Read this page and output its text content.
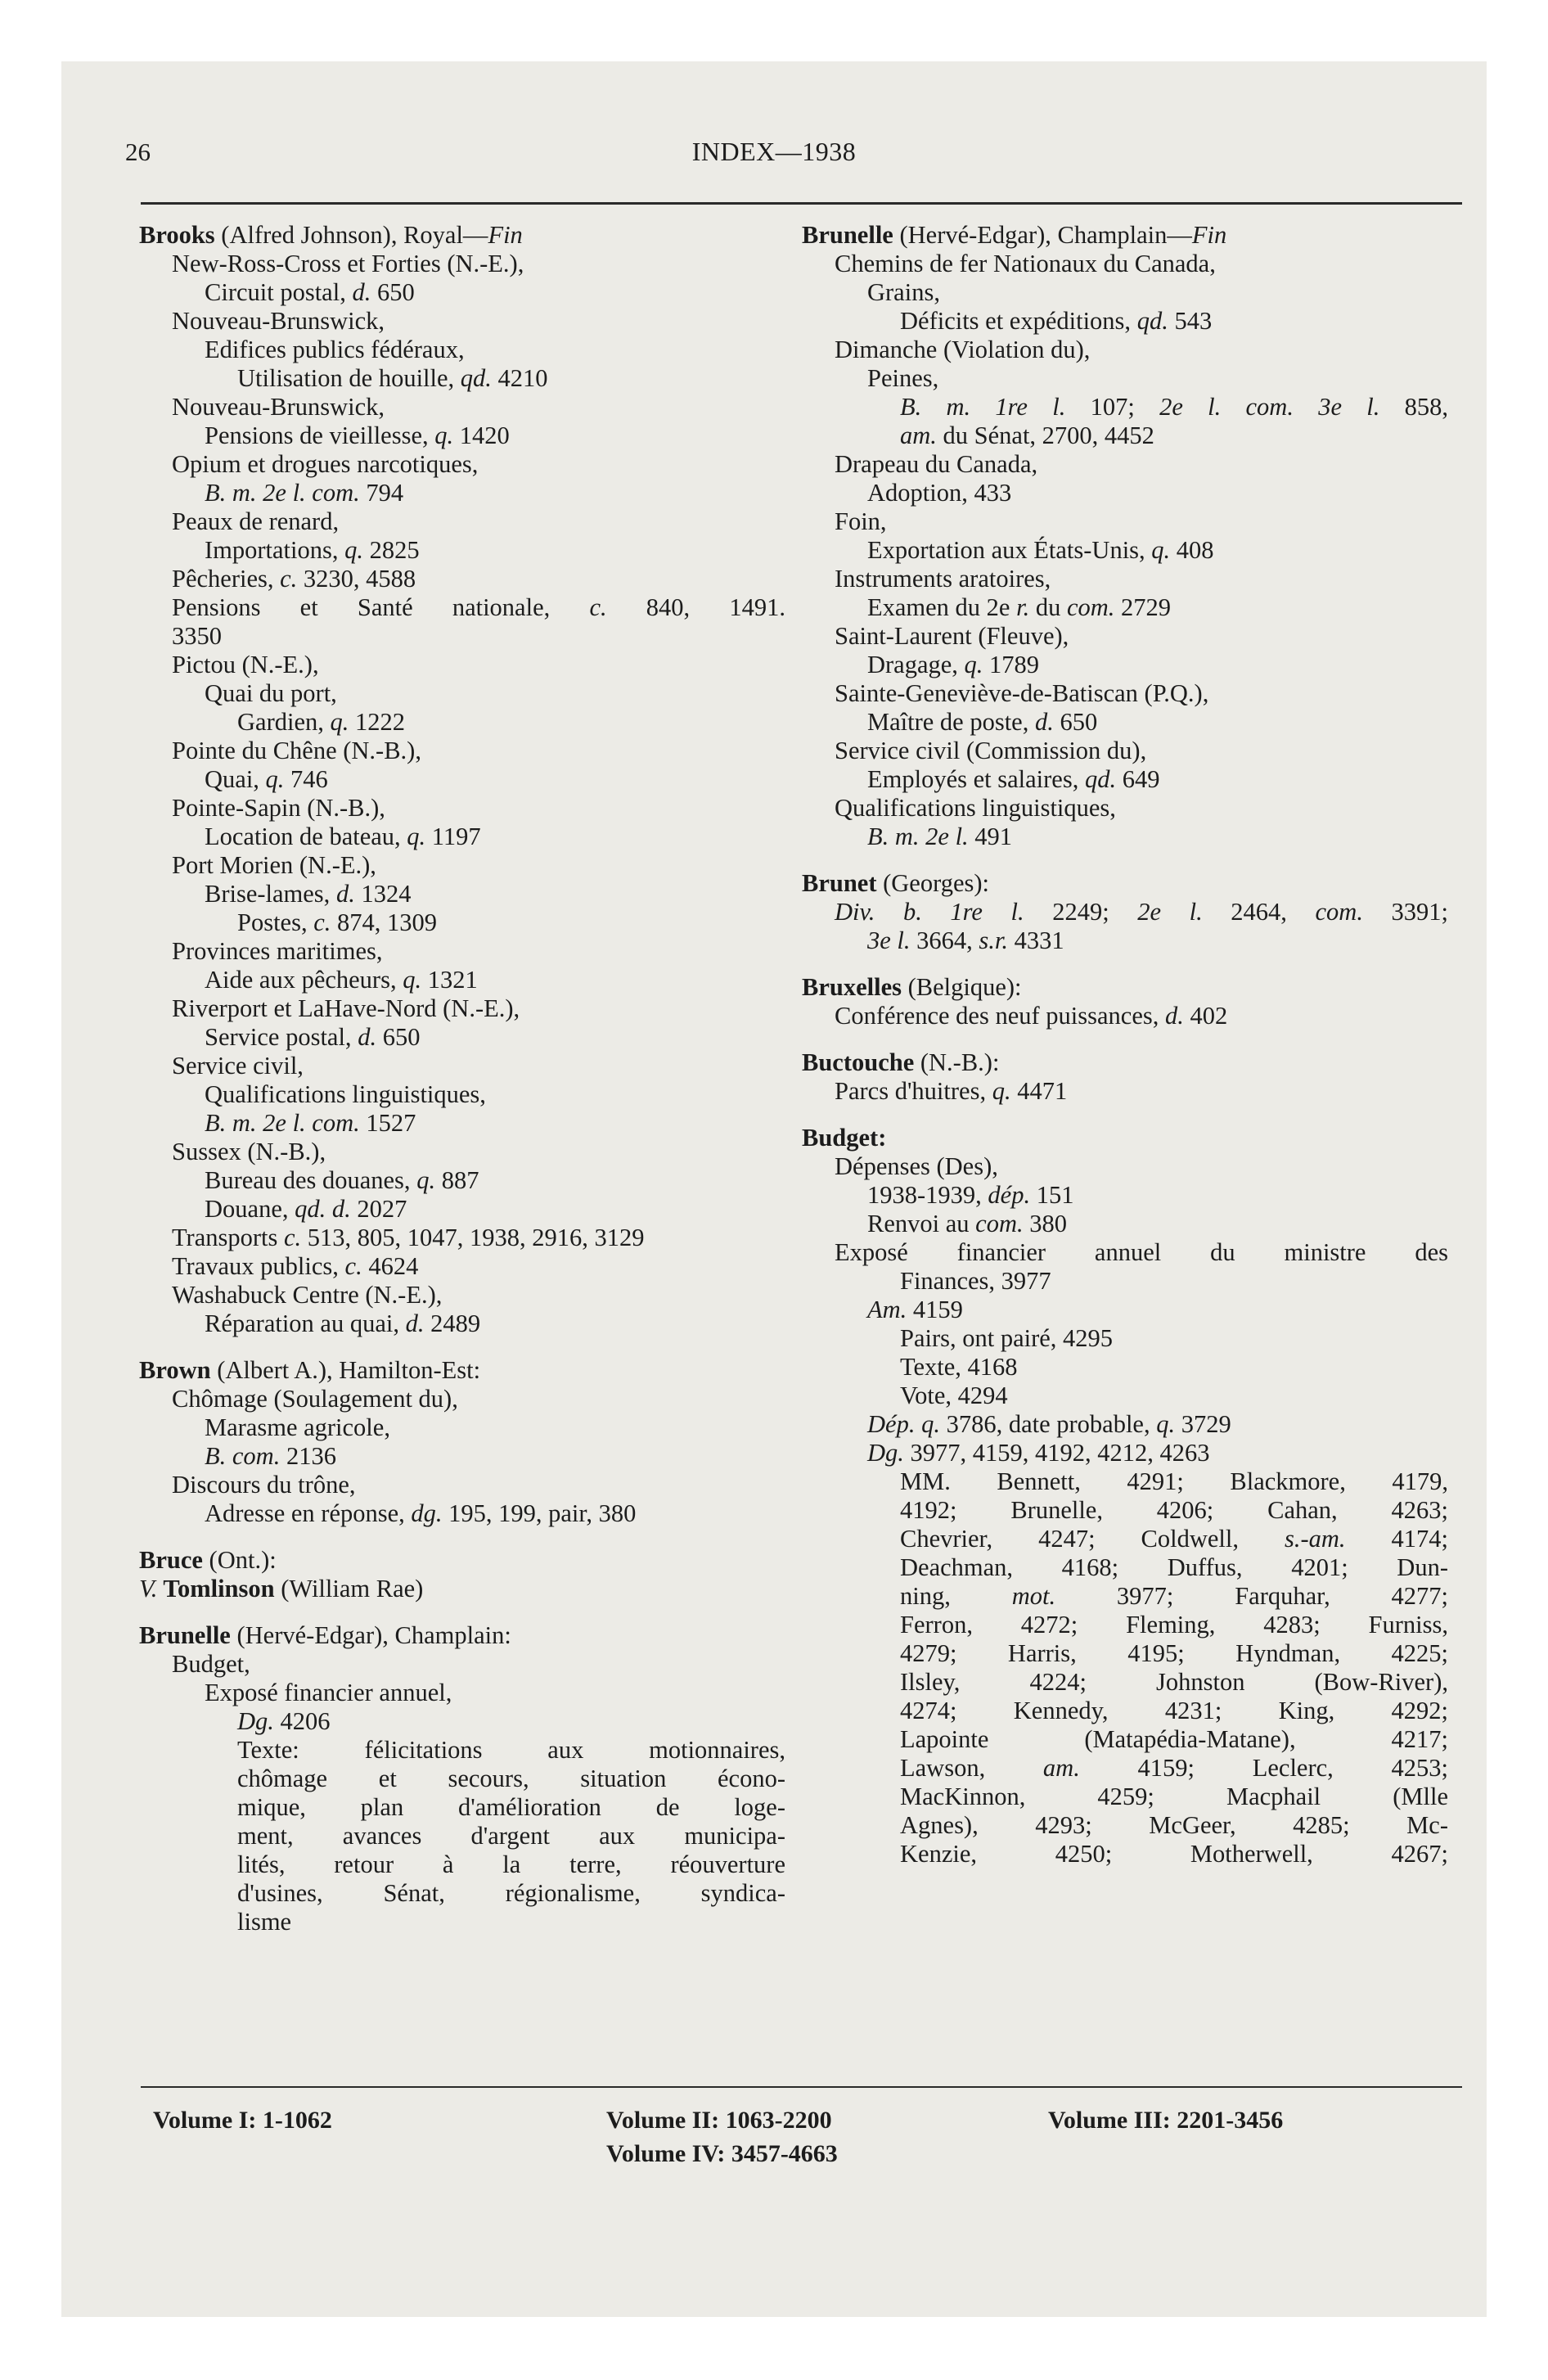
26	INDEX—1938
Brooks (Alfred Johnson), Royal—Fin
New-Ross-Cross et Forties (N.-E.),
Circuit postal, d. 650
Nouveau-Brunswick,
Edifices publics fédéraux,
Utilisation de houille, qd. 4210
Nouveau-Brunswick,
Pensions de vieillesse, q. 1420
Opium et drogues narcotiques,
B. m. 2e l. com. 794
Peaux de renard,
Importations, q. 2825
Pêcheries, c. 3230, 4588
Pensions et Santé nationale, c. 840, 1491.
3350
Pictou (N.-E.),
Quai du port,
Gardien, q. 1222
Pointe du Chêne (N.-B.),
Quai, q. 746
Pointe-Sapin (N.-B.),
Location de bateau, q. 1197
Port Morien (N.-E.),
Brise-lames, d. 1324
Postes, c. 874, 1309
Provinces maritimes,
Aide aux pêcheurs, q. 1321
Riverport et LaHave-Nord (N.-E.),
Service postal, d. 650
Service civil,
Qualifications linguistiques,
B. m. 2e l. com. 1527
Sussex (N.-B.),
Bureau des douanes, q. 887
Douane, qd. d. 2027
Transports c. 513, 805, 1047, 1938, 2916, 3129
Travaux publics, c. 4624
Washabuck Centre (N.-E.),
Réparation au quai, d. 2489
Brown (Albert A.), Hamilton-Est:
Chômage (Soulagement du),
Marasme agricole,
B. com. 2136
Discours du trône,
Adresse en réponse, dg. 195, 199, pair, 380
Bruce (Ont.):
V. Tomlinson (William Rae)
Brunelle (Hervé-Edgar), Champlain:
Budget,
Exposé financier annuel,
Dg. 4206
Texte: félicitations aux motionnaires,
chômage et secours, situation écono-
mique, plan d'amélioration de loge-
ment, avances d'argent aux municipa-
lités, retour à la terre, réouverture
d'usines, Sénat, régionalisme, syndica-
lisme
Brunelle (Hervé-Edgar), Champlain—Fin
Chemins de fer Nationaux du Canada,
Grains,
Déficits et expéditions, qd. 543
Dimanche (Violation du),
Peines,
B. m. 1re l. 107; 2e l. com. 3e l. 858,
am. du Sénat, 2700, 4452
Drapeau du Canada,
Adoption, 433
Foin,
Exportation aux États-Unis, q. 408
Instruments aratoires,
Examen du 2e r. du com. 2729
Saint-Laurent (Fleuve),
Dragage, q. 1789
Sainte-Geneviève-de-Batiscan (P.Q.),
Maître de poste, d. 650
Service civil (Commission du),
Employés et salaires, qd. 649
Qualifications linguistiques,
B. m. 2e l. 491
Brunet (Georges):
Div. b. 1re l. 2249; 2e l. 2464, com. 3391;
3e l. 3664, s.r. 4331
Bruxelles (Belgique):
Conférence des neuf puissances, d. 402
Buctouche (N.-B.):
Parcs d'huitres, q. 4471
Budget:
Dépenses (Des),
1938-1939, dép. 151
Renvoi au com. 380
Exposé financier annuel du ministre des
Finances, 3977
Am. 4159
Pairs, ont pairé, 4295
Texte, 4168
Vote, 4294
Dép. q. 3786, date probable, q. 3729
Dg. 3977, 4159, 4192, 4212, 4263
MM. Bennett, 4291; Blackmore, 4179,
4192; Brunelle, 4206; Cahan, 4263;
Chevrier, 4247; Coldwell, s.-am. 4174;
Deachman, 4168; Duffus, 4201; Dun-
ning, mot. 3977; Farquhar, 4277;
Ferron, 4272; Fleming, 4283; Furniss,
4279; Harris, 4195; Hyndman, 4225;
Ilsley, 4224; Johnston (Bow-River),
4274; Kennedy, 4231; King, 4292;
Lapointe (Matapédia-Matane), 4217;
Lawson, am. 4159; Leclerc, 4253;
MacKinnon, 4259; Macphail (Mlle
Agnes), 4293; McGeer, 4285; Mc-
Kenzie, 4250; Motherwell, 4267;
Volume I: 1-1062	Volume II: 1063-2200
Volume IV: 3457-4663
Volume III: 2201-3456
